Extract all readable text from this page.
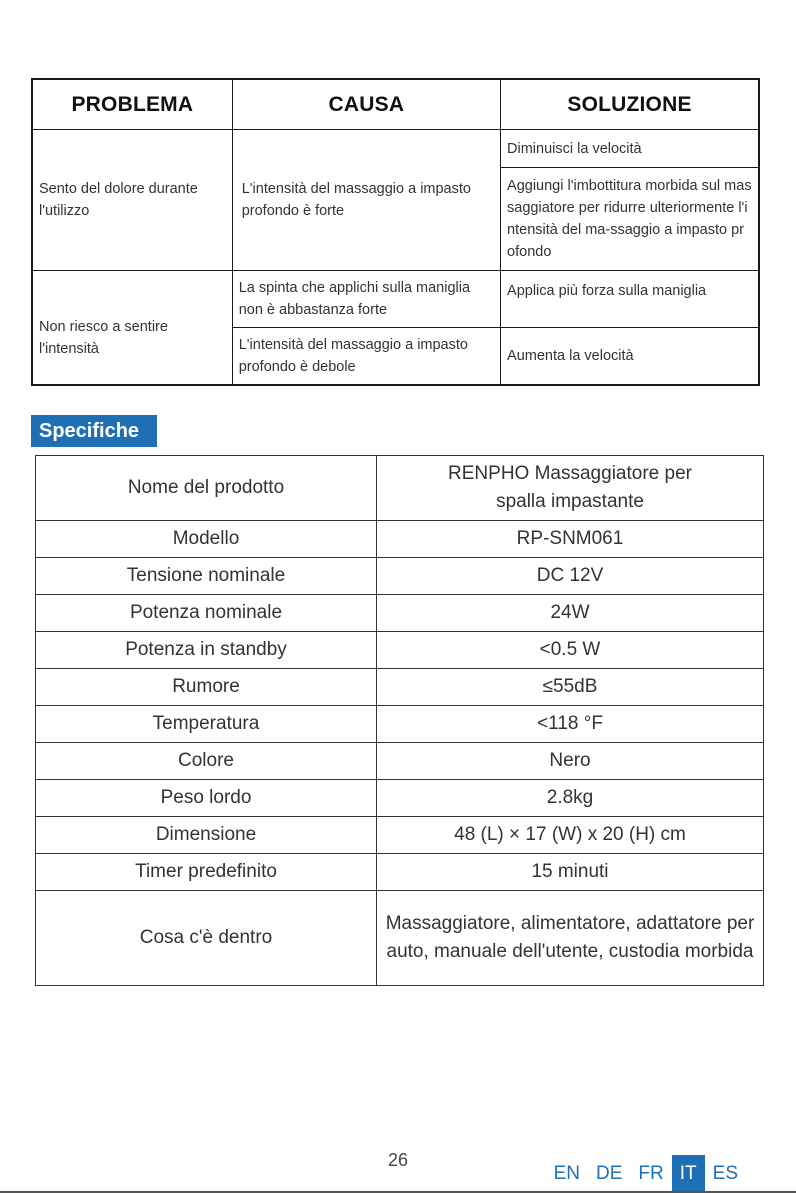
PROBLEMA	CAUSA	SOLUZIONE
Sento del dolore durante l'utilizzo	L'intensità del massaggio a impasto profondo è forte	Diminuisci la velocità
		Aggiungi l'imbottitura morbida sul massaggiatore per ridurre ulteriormente l'intensità del ma-ssaggio a impasto profondo
Non riesco a sentire l'intensità	La spinta che applichi sulla maniglia non è abbastanza forte	Applica più forza sulla maniglia
	L'intensità del massaggio a impasto profondo è debole	Aumenta la velocità
Specifiche
Nome del prodotto	RENPHO Massaggiatore per spalla impastante
Modello	RP-SNM061
Tensione nominale	DC 12V
Potenza nominale	24W
Potenza in standby	<0.5 W
Rumore	≤55dB
Temperatura	<118 °F
Colore	Nero
Peso lordo	2.8kg
Dimensione	48 (L) × 17 (W) x 20 (H) cm
Timer predefinito	15 minuti
Cosa c'è dentro	Massaggiatore, alimentatore, adattatore per auto, manuale dell'utente, custodia morbida
26
EN DE FR IT ES
